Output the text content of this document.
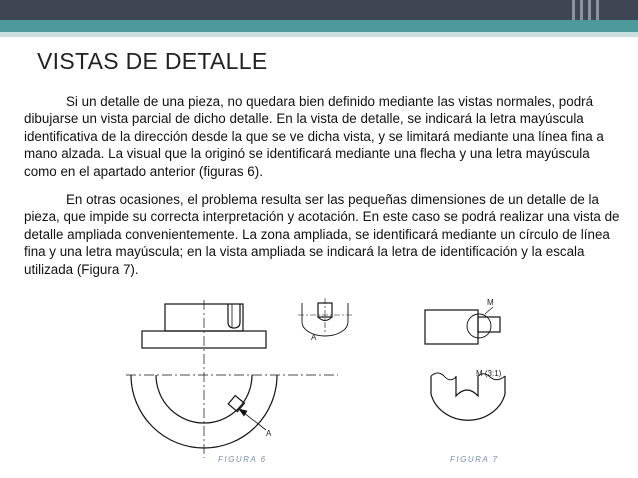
VISTAS DE DETALLE

Si un detalle de una pieza, no quedara bien definido mediante las vistas normales, podrá dibujarse un vista parcial de dicho detalle. En la vista de detalle, se indicará la letra mayúscula identificativa de la dirección desde la que se ve dicha vista, y se limitará mediante una línea fina a mano alzada. La visual que la originó se identificará mediante una flecha y una letra mayúscula como en el apartado anterior (figuras 6).

En otras ocasiones, el problema resulta ser las pequeñas dimensiones de un detalle de la pieza, que impide su correcta interpretación y acotación. En este caso se podrá realizar una vista de detalle ampliada convenientemente. La zona ampliada, se identificará mediante un círculo de línea fina y una letra mayúscula; en la vista ampliada se indicará la letra de identificación y la escala utilizada (Figura 7).

A
A
M
M (3:1)
FIGURA 6	FIGURA 7
